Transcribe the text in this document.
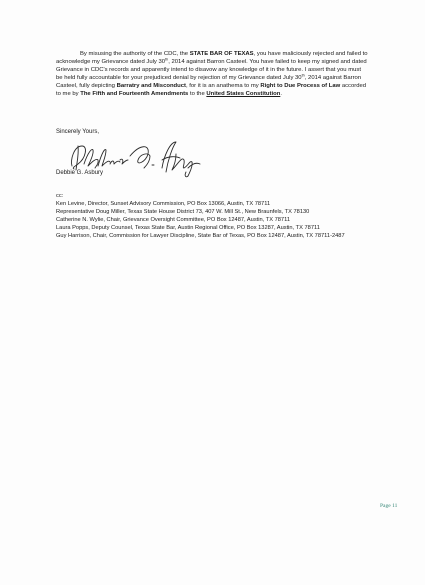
By misusing the authority of the CDC, the STATE BAR OF TEXAS, you have maliciously rejected and failed to acknowledge my Grievance dated July 30th, 2014 against Barron Casteel. You have failed to keep my signed and dated Grievance in CDC's records and apparently intend to disavow any knowledge of it in the future. I assert that you must be held fully accountable for your prejudiced denial by rejection of my Grievance dated July 30th, 2014 against Barron Casteel, fully depicting Barratry and Misconduct, for it is an anathema to my Right to Due Process of Law accorded to me by The Fifth and Fourteenth Amendments to the United States Constitution.

Sincerely Yours,
Debbie G. Asbury
cc:
Ken Levine, Director, Sunset Advisory Commission, PO Box 13066, Austin, TX 78711
Representative Doug Miller, Texas State House District 73, 407 W. Mill St., New Braunfels, TX 78130
Catherine N. Wylie, Chair, Grievance Oversight Committee, PO Box 12487, Austin, TX 78711
Laura Popps, Deputy Counsel, Texas State Bar, Austin Regional Office, PO Box 13287, Austin, TX 78711
Guy Harrison, Chair, Commission for Lawyer Discipline, State Bar of Texas, PO Box 12487, Austin, TX 78711-2487
Page 11
